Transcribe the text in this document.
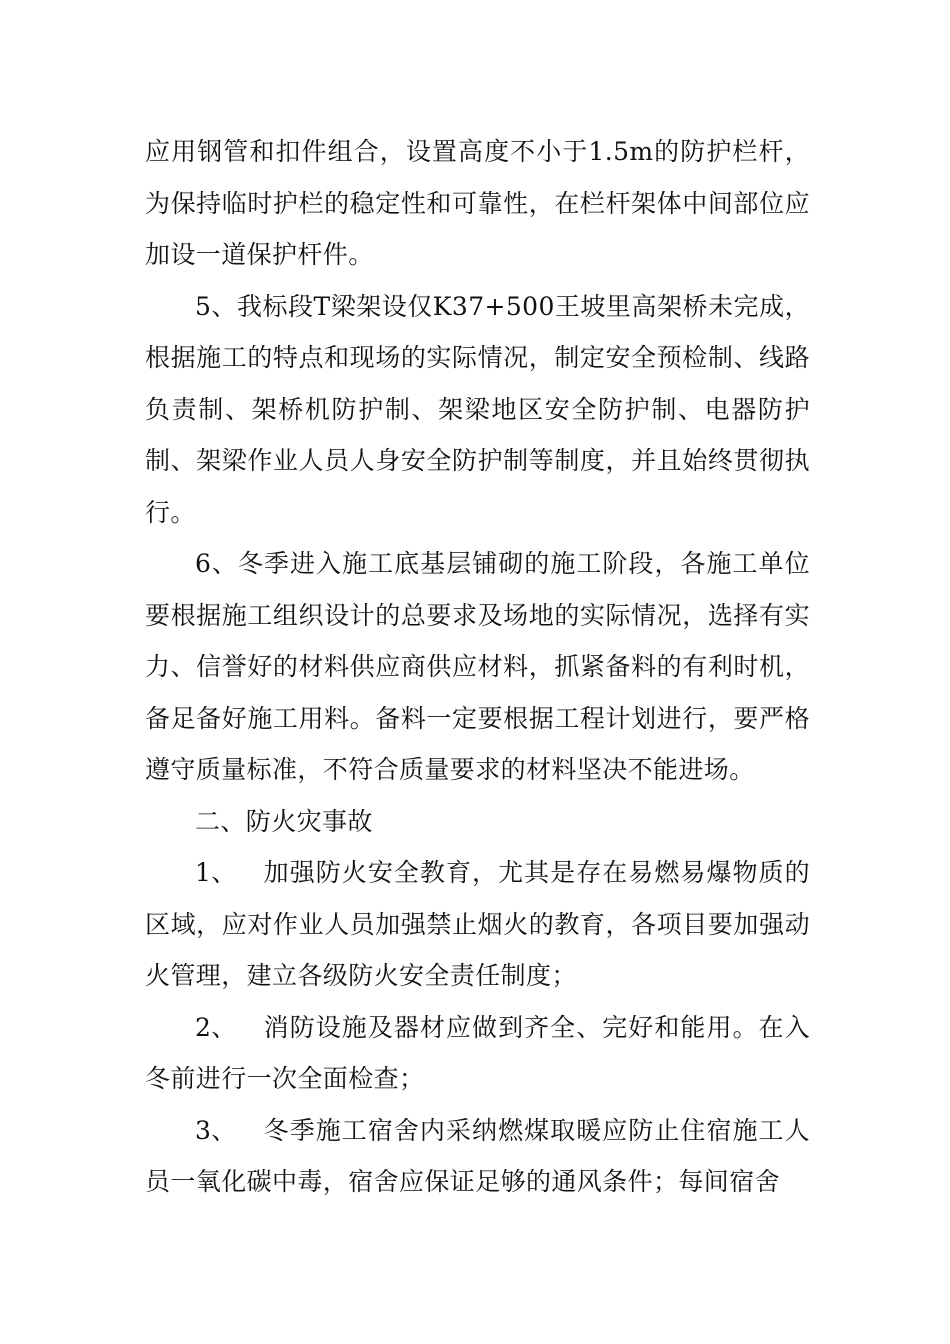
应用钢管和扣件组合，设置高度不小于1.5m的防护栏杆，为保持临时护栏的稳定性和可靠性，在栏杆架体中间部位应加设一道保护杆件。

5、我标段T梁架设仅K37+500王坡里高架桥未完成，根据施工的特点和现场的实际情况，制定安全预检制、线路负责制、架桥机防护制、架梁地区安全防护制、电器防护制、架梁作业人员人身安全防护制等制度，并且始终贯彻执行。

6、冬季进入施工底基层铺砌的施工阶段，各施工单位要根据施工组织设计的总要求及场地的实际情况，选择有实力、信誉好的材料供应商供应材料，抓紧备料的有利时机，备足备好施工用料。备料一定要根据工程计划进行，要严格遵守质量标准，不符合质量要求的材料坚决不能进场。

二、防火灾事故

1、 加强防火安全教育，尤其是存在易燃易爆物质的区域，应对作业人员加强禁止烟火的教育，各项目要加强动火管理，建立各级防火安全责任制度；

2、 消防设施及器材应做到齐全、完好和能用。在入冬前进行一次全面检查；

3、 冬季施工宿舍内采纳燃煤取暖应防止住宿施工人员一氧化碳中毒，宿舍应保证足够的通风条件；每间宿舍
